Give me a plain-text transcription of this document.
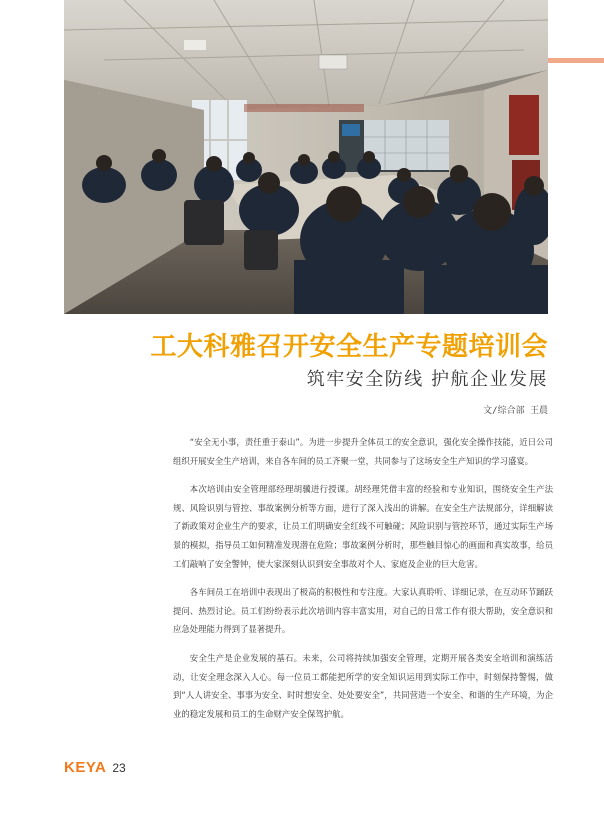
工大科雅召开安全生产专题培训会
筑牢安全防线 护航企业发展
文/综合部 王晨

“安全无小事，责任重于泰山”。为进一步提升全体员工的安全意识，强化安全操作技能，近日公司组织开展安全生产培训，来自各车间的员工齐聚一堂，共同参与了这场安全生产知识的学习盛宴。

本次培训由安全管理部经理胡骥进行授课。胡经理凭借丰富的经验和专业知识，围绕安全生产法规、风险识别与管控、事故案例分析等方面，进行了深入浅出的讲解。在安全生产法规部分，详细解读了新政策对企业生产的要求，让员工们明确安全红线不可触碰；风险识别与管控环节，通过实际生产场景的模拟，指导员工如何精准发现潜在危险；事故案例分析时，那些触目惊心的画面和真实故事，给员工们敲响了安全警钟，使大家深刻认识到安全事故对个人、家庭及企业的巨大危害。

各车间员工在培训中表现出了极高的积极性和专注度。大家认真聆听、详细记录，在互动环节踊跃提问、热烈讨论。员工们纷纷表示此次培训内容丰富实用，对自己的日常工作有很大帮助，安全意识和应急处理能力得到了显著提升。

安全生产是企业发展的基石。未来，公司将持续加强安全管理，定期开展各类安全培训和演练活动，让安全理念深入人心。每一位员工都能把所学的安全知识运用到实际工作中，时刻保持警惕，做到“人人讲安全、事事为安全、时时想安全、处处要安全”，共同营造一个安全、和谐的生产环境，为企业的稳定发展和员工的生命财产安全保驾护航。

KEYA 23
